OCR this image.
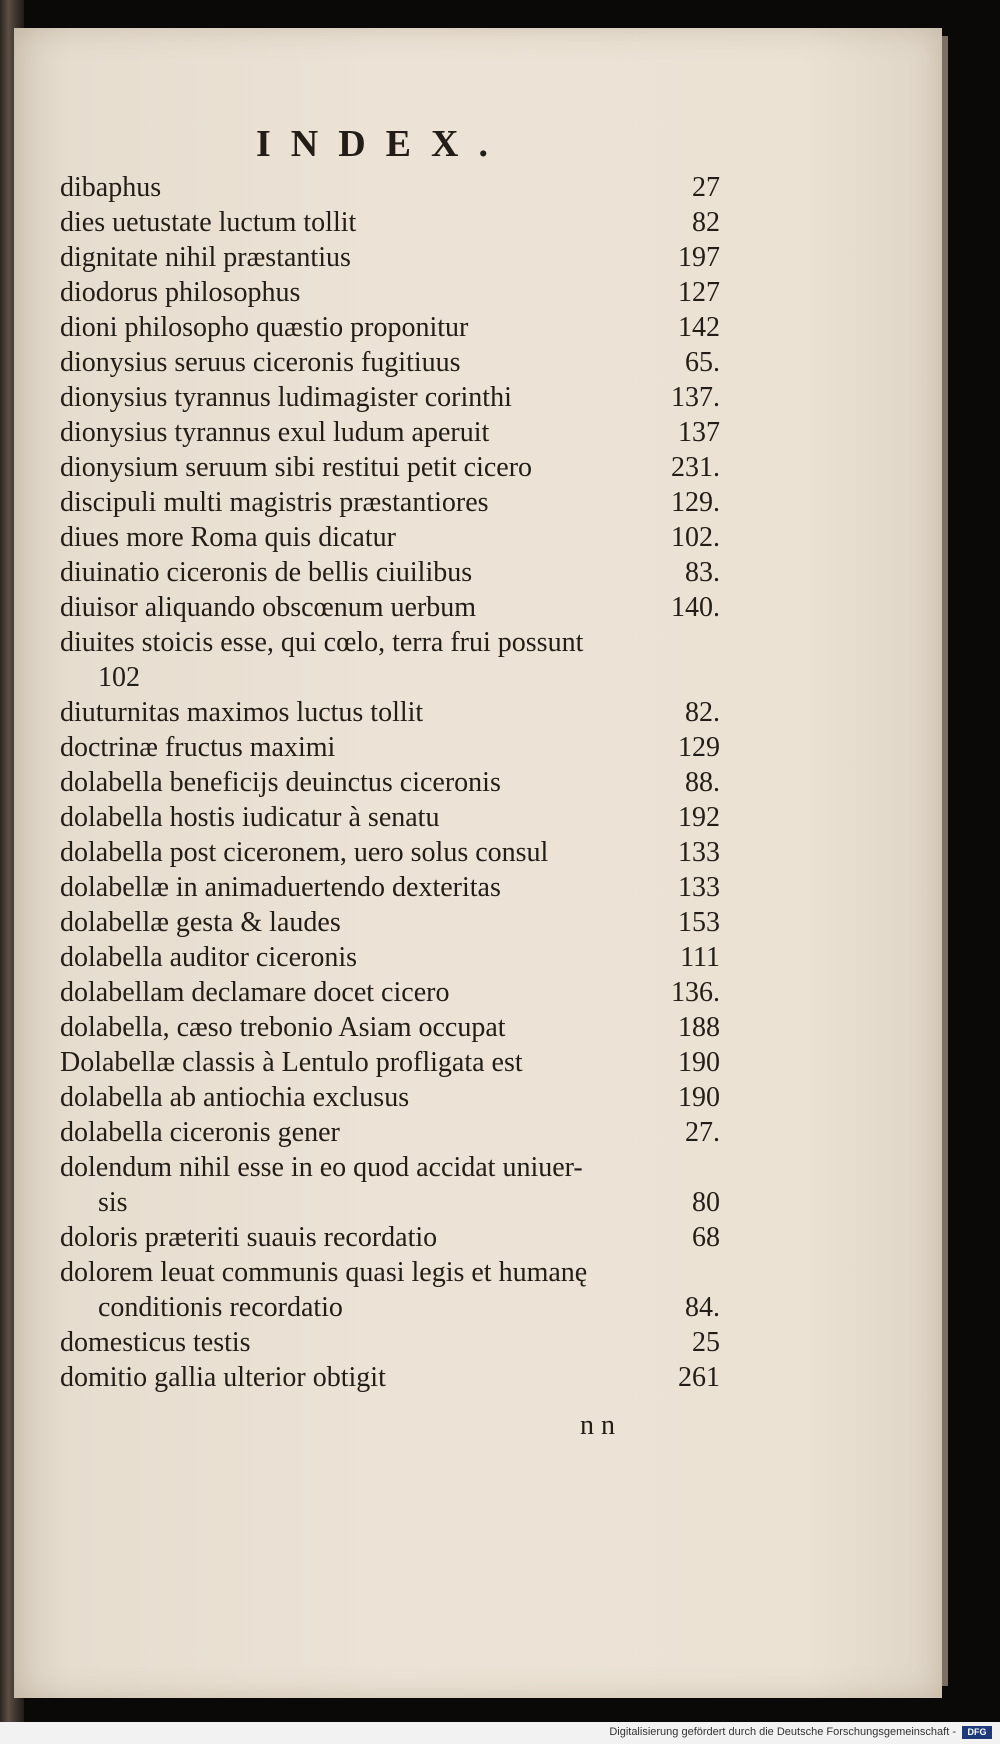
INDEX.
dibaphus	27
dies uetustate luctum tollit	82
dignitate nihil præstantius	197
diodorus philosophus	127
dioni philosopho quæstio proponitur	142
dionysius seruus ciceronis fugitiuus	65.
dionysius tyrannus ludimagister corinthi	137.
dionysius tyrannus exul ludum aperuit	137
dionysium seruum sibi restitui petit cicero	231.
discipuli multi magistris præstantiores	129.
diues more Roma quis dicatur	102.
diuinatio ciceronis de bellis ciuilibus	83.
diuisor aliquando obscœnum uerbum	140.
diuites stoicis esse, qui cœlo, terra frui possunt
102
diuturnitas maximos luctus tollit	82.
doctrinæ fructus maximi	129
dolabella beneficijs deuinctus ciceronis	88.
dolabella hostis iudicatur à senatu	192
dolabella post ciceronem, uero solus consul	133
dolabellæ in animaduertendo dexteritas	133
dolabellæ gesta & laudes	153
dolabella auditor ciceronis	111
dolabellam declamare docet cicero	136.
dolabella, cæso trebonio Asiam occupat	188
Dolabellæ classis à Lentulo profligata est	190
dolabella ab antiochia exclusus	190
dolabella ciceronis gener	27.
dolendum nihil esse in eo quod accidat uniuer-
sis	80
doloris præteriti suauis recordatio	68
dolorem leuat communis quasi legis et humanę
conditionis recordatio	84.
domesticus testis	25
domitio gallia ulterior obtigit	261
n n
Digitalisierung gefördert durch die Deutsche Forschungsgemeinschaft -	DFG
